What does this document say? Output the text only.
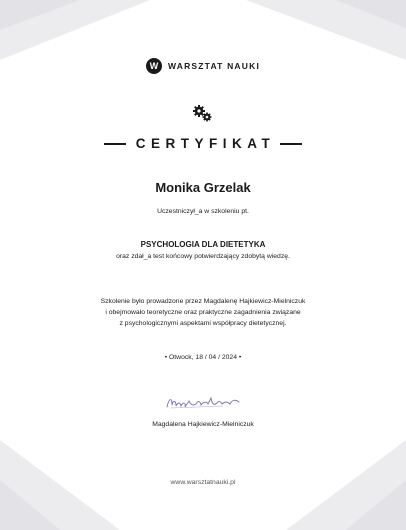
W	WARSZTAT NAUKI
CERTYFIKAT
Monika Grzelak
Uczestniczył_a w szkoleniu pt.
PSYCHOLOGIA DLA DIETETYKA
oraz zdał_a test końcowy potwierdzający zdobytą wiedzę.
Szkolenie było prowadzone przez Magdalenę Hajkiewicz-Mielniczuk
i obejmowało teoretyczne oraz praktyczne zagadnienia związane
z psychologicznymi aspektami współpracy dietetycznej.
• Otwock, 18 / 04 / 2024 •
Magdalena Hajkiewicz-Mielniczuk
www.warsztatnauki.pl
